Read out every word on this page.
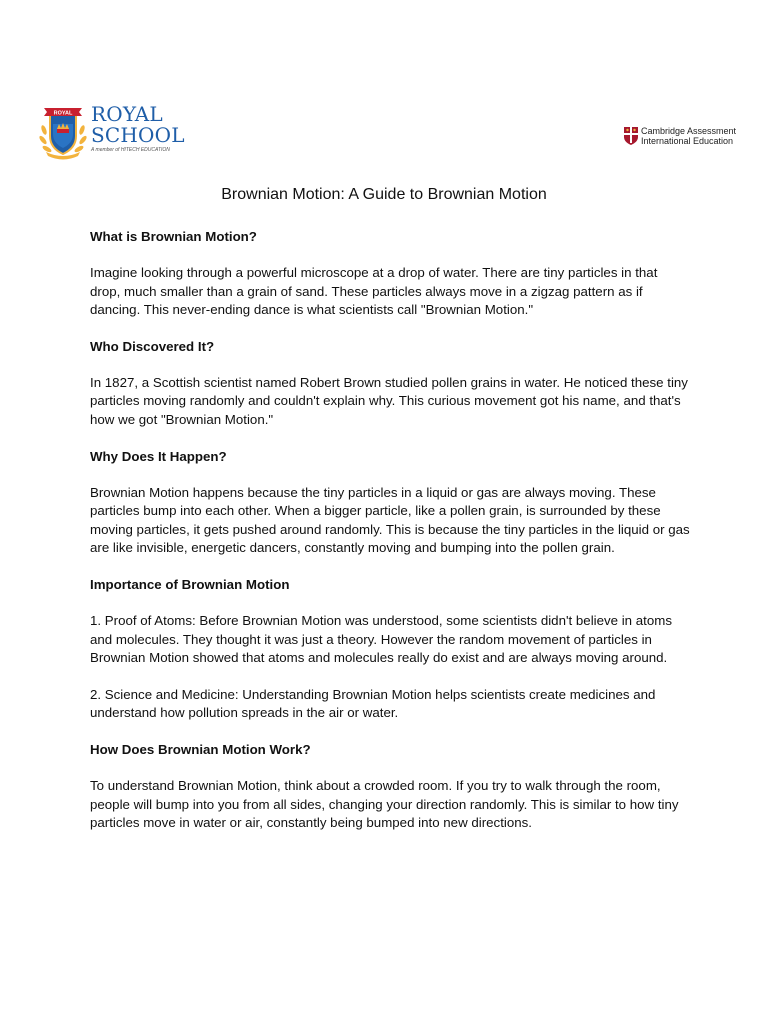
ROYAL ROYAL
SCHOOL
A member of HITECH EDUCATION
Cambridge Assessment
International Education
Brownian Motion: A Guide to Brownian Motion

What is Brownian Motion?

Imagine looking through a powerful microscope at a drop of water. There are tiny particles in that drop, much smaller than a grain of sand. These particles always move in a zigzag pattern as if dancing. This never-ending dance is what scientists call "Brownian Motion."

Who Discovered It?

In 1827, a Scottish scientist named Robert Brown studied pollen grains in water. He noticed these tiny particles moving randomly and couldn't explain why. This curious movement got his name, and that's how we got "Brownian Motion."

Why Does It Happen?

Brownian Motion happens because the tiny particles in a liquid or gas are always moving. These particles bump into each other. When a bigger particle, like a pollen grain, is surrounded by these moving particles, it gets pushed around randomly. This is because the tiny particles in the liquid or gas are like invisible, energetic dancers, constantly moving and bumping into the pollen grain.

Importance of Brownian Motion

1. Proof of Atoms: Before Brownian Motion was understood, some scientists didn't believe in atoms and molecules. They thought it was just a theory. However the random movement of particles in Brownian Motion showed that atoms and molecules really do exist and are always moving around.

2. Science and Medicine: Understanding Brownian Motion helps scientists create medicines and understand how pollution spreads in the air or water.

How Does Brownian Motion Work?

To understand Brownian Motion, think about a crowded room. If you try to walk through the room, people will bump into you from all sides, changing your direction randomly. This is similar to how tiny particles move in water or air, constantly being bumped into new directions.
